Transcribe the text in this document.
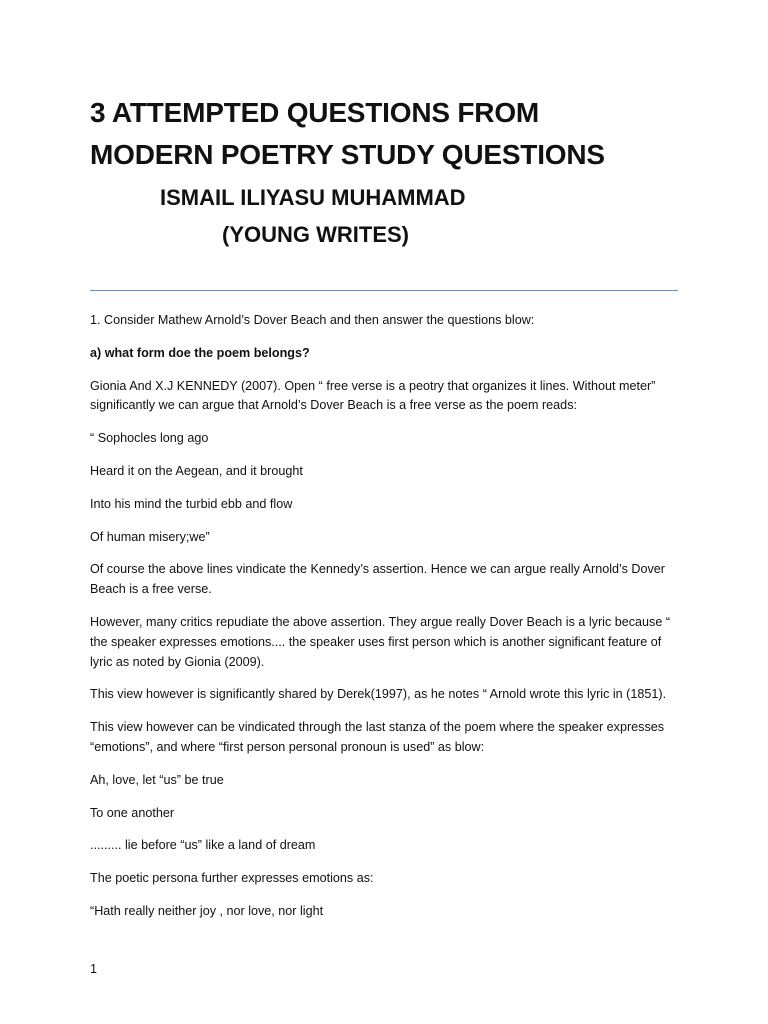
3 ATTEMPTED QUESTIONS FROM
MODERN POETRY STUDY QUESTIONS
ISMAIL ILIYASU MUHAMMAD
(YOUNG WRITES)

1. Consider Mathew Arnold’s Dover Beach and then answer the questions blow:

a) what form doe the poem belongs?

Gionia And X.J KENNEDY (2007). Open “ free verse is a peotry that organizes it lines. Without meter” significantly we can argue that Arnold’s Dover Beach is a free verse as the poem reads:

“ Sophocles long ago

Heard it on the Aegean, and it brought

Into his mind the turbid ebb and flow

Of human misery;we”

Of course the above lines vindicate the Kennedy’s assertion. Hence we can argue really Arnold’s Dover Beach is a free verse.

However, many critics repudiate the above assertion. They argue really Dover Beach is a lyric because “ the speaker expresses emotions.... the speaker uses first person which is another significant feature of lyric as noted by Gionia (2009).

This view however is significantly shared by Derek(1997), as he notes “ Arnold wrote this lyric in (1851).

This view however can be vindicated through the last stanza of the poem where the speaker expresses “emotions”, and where “first person personal pronoun is used” as blow:

Ah, love, let “us” be true

To one another

......... lie before “us” like a land of dream

The poetic persona further expresses emotions as:

“Hath really neither joy , nor love, nor light

1
